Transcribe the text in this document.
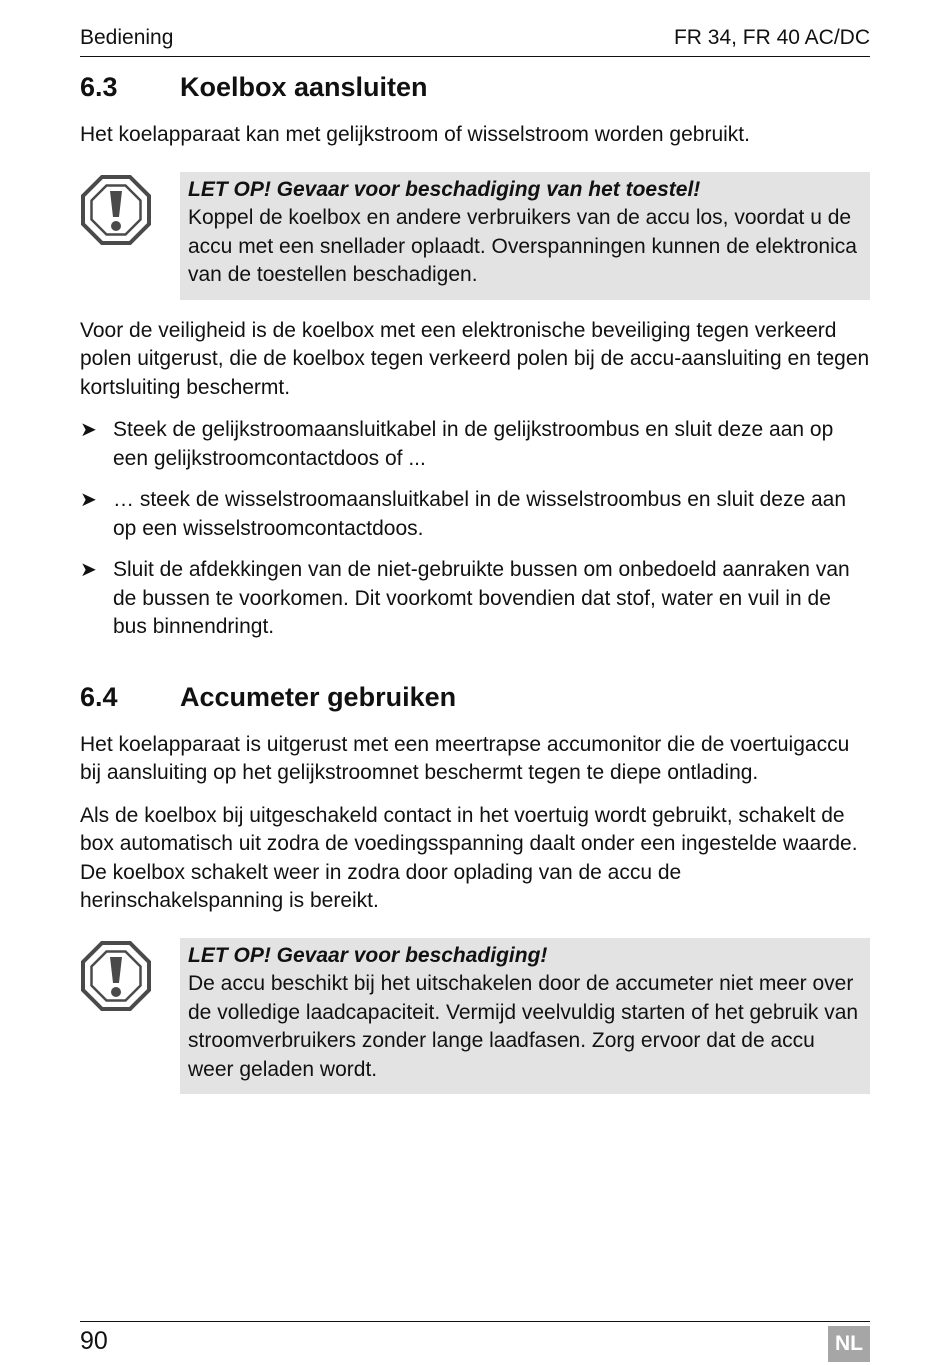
Bediening	FR 34, FR 40 AC/DC
6.3	Koelbox aansluiten

Het koelapparaat kan met gelijkstroom of wisselstroom worden gebruikt.

LET OP! Gevaar voor beschadiging van het toestel!

Koppel de koelbox en andere verbruikers van de accu los, voordat u de accu met een snellader oplaadt. Overspanningen kunnen de elektronica van de toestellen beschadigen.

Voor de veiligheid is de koelbox met een elektronische beveiliging tegen verkeerd polen uitgerust, die de koelbox tegen verkeerd polen bij de accu-aansluiting en tegen kortsluiting beschermt.

➤ Steek de gelijkstroomaansluitkabel in de gelijkstroombus en sluit deze aan op een gelijkstroomcontactdoos of ...
➤ … steek de wisselstroomaansluitkabel in de wisselstroombus en sluit deze aan op een wisselstroomcontactdoos.
➤ Sluit de afdekkingen van de niet-gebruikte bussen om onbedoeld aanraken van de bussen te voorkomen. Dit voorkomt bovendien dat stof, water en vuil in de bus binnendringt.
6.4	Accumeter gebruiken

Het koelapparaat is uitgerust met een meertrapse accumonitor die de voertuigaccu bij aansluiting op het gelijkstroomnet beschermt tegen te diepe ontlading.

Als de koelbox bij uitgeschakeld contact in het voertuig wordt gebruikt, schakelt de box automatisch uit zodra de voedingsspanning daalt onder een ingestelde waarde. De koelbox schakelt weer in zodra door oplading van de accu de herinschakelspanning is bereikt.

LET OP! Gevaar voor beschadiging!

De accu beschikt bij het uitschakelen door de accumeter niet meer over de volledige laadcapaciteit. Vermijd veelvuldig starten of het gebruik van stroomverbruikers zonder lange laadfasen. Zorg ervoor dat de accu weer geladen wordt.

90	NL
